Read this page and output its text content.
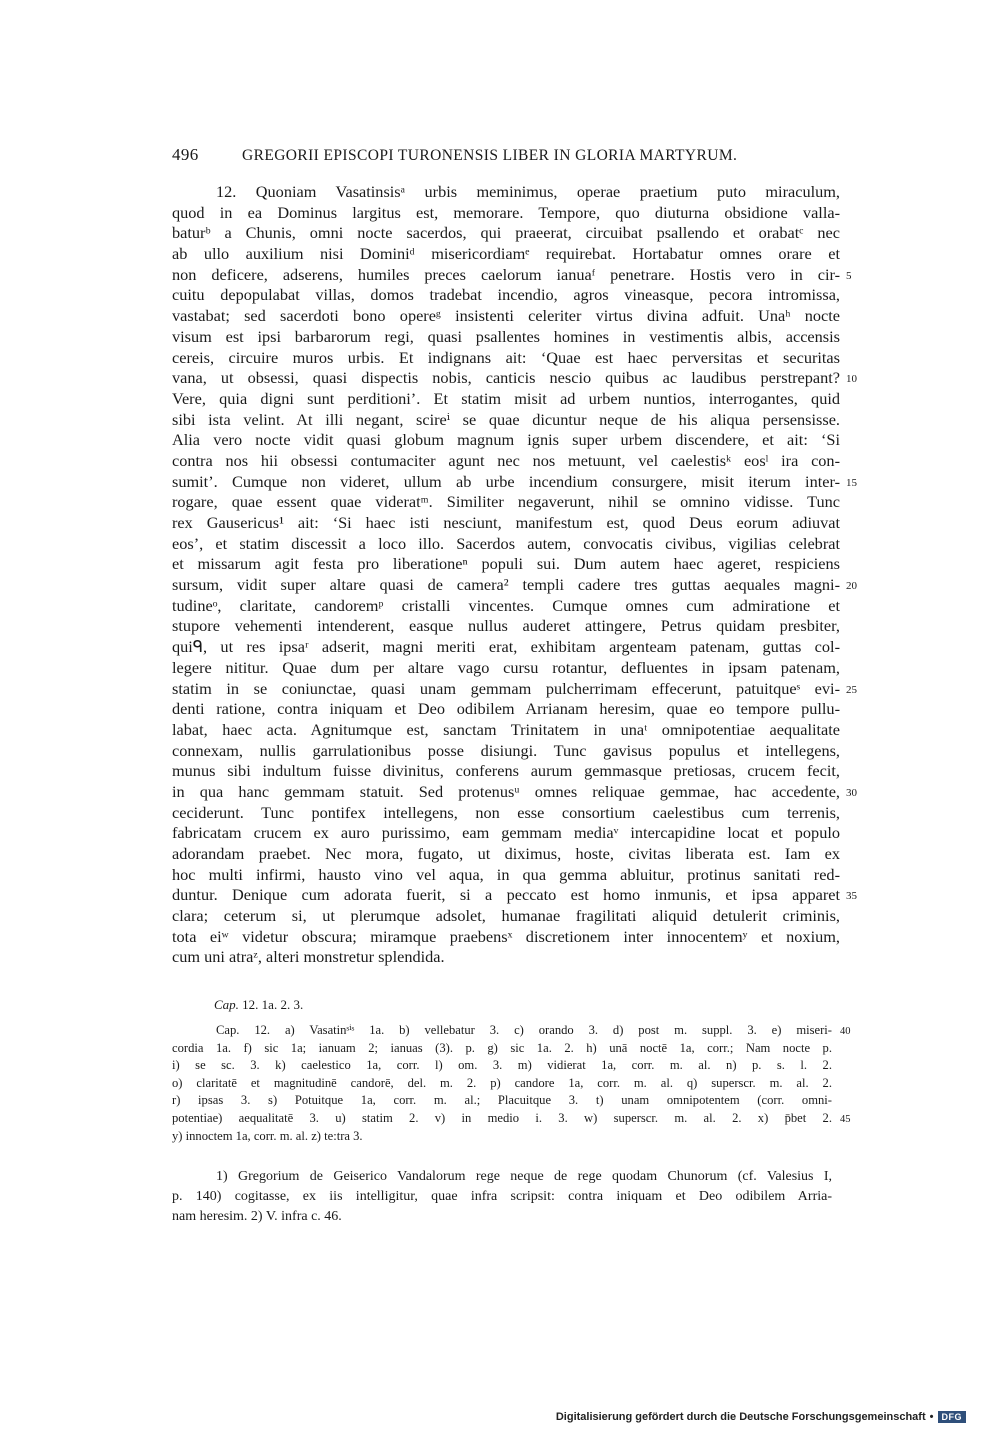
496	GREGORII EPISCOPI TURONENSIS LIBER IN GLORIA MARTYRUM.
12. Quoniam Vasatinsisᵃ urbis meminimus, operae praetium puto miraculum,
quod in ea Dominus largitus est, memorare. Tempore, quo diuturna obsidione valla-
baturᵇ a Chunis, omni nocte sacerdos, qui praeerat, circuibat psallendo et orabatᶜ nec
ab ullo auxilium nisi Dominiᵈ misericordiamᵉ requirebat. Hortabatur omnes orare et
non deficere, adserens, humiles preces caelorum ianuaᶠ penetrare. Hostis vero in cir- 5
cuitu depopulabat villas, domos tradebat incendio, agros vineasque, pecora intromissa,
vastabat; sed sacerdoti bono opereᵍ insistenti celeriter virtus divina adfuit. Unaʰ nocte
visum est ipsi barbarorum regi, quasi psallentes homines in vestimentis albis, accensis
cereis, circuire muros urbis. Et indignans ait: ‘Quae est haec perversitas et securitas
vana, ut obsessi, quasi dispectis nobis, canticis nescio quibus ac laudibus perstrepant? 10
Vere, quia digni sunt perditioni’. Et statim misit ad urbem nuntios, interrogantes, quid
sibi ista velint. At illi negant, scireⁱ se quae dicuntur neque de his aliqua persensisse.
Alia vero nocte vidit quasi globum magnum ignis super urbem discendere, et ait: ‘Si
contra nos hii obsessi contumaciter agunt nec nos metuunt, vel caelestisᵏ eosˡ ira con-
sumit’. Cumque non videret, ullum ab urbe incendium consurgere, misit iterum inter- 15
rogare, quae essent quae videratᵐ. Similiter negaverunt, nihil se omnino vidisse. Tunc
rex Gausericus¹ ait: ‘Si haec isti nesciunt, manifestum est, quod Deus eorum adiuvat
eos’, et statim discessit a loco illo. Sacerdos autem, convocatis civibus, vigilias celebrat
et missarum agit festa pro liberationeⁿ populi sui. Dum autem haec ageret, respiciens
sursum, vidit super altare quasi de camera² templi cadere tres guttas aequales magni- 20
tudineᵒ, claritate, candoremᵖ cristalli vincentes. Cumque omnes cum admiratione et
stupore vehementi intenderent, easque nullus auderet attingere, Petrus quidam presbiter,
quiᑫ, ut res ipsaʳ adserit, magni meriti erat, exhibitam argenteam patenam, guttas col-
legere nititur. Quae dum per altare vago cursu rotantur, defluentes in ipsam patenam,
statim in se coniunctae, quasi unam gemmam pulcherrimam effecerunt, patuitqueˢ evi- 25
denti ratione, contra iniquam et Deo odibilem Arrianam heresim, quae eo tempore pullu-
labat, haec acta. Agnitumque est, sanctam Trinitatem in unaᵗ omnipotentiae aequalitate
connexam, nullis garrulationibus posse disiungi. Tunc gavisus populus et intellegens,
munus sibi indultum fuisse divinitus, conferens aurum gemmasque pretiosas, crucem fecit,
in qua hanc gemmam statuit. Sed protenusᵘ omnes reliquae gemmae, hac accedente, 30
ceciderunt. Tunc pontifex intellegens, non esse consortium caelestibus cum terrenis,
fabricatam crucem ex auro purissimo, eam gemmam mediaᵛ intercapidine locat et populo
adorandam praebet. Nec mora, fugato, ut diximus, hoste, civitas liberata est. Iam ex
hoc multi infirmi, hausto vino vel aqua, in qua gemma abluitur, protinus sanitati red-
duntur. Denique cum adorata fuerit, si a peccato est homo inmunis, et ipsa apparet 35
clara; ceterum si, ut plerumque adsolet, humanae fragilitati aliquid detulerit criminis,
tota eiʷ videtur obscura; miramque praebensˣ discretionem inter innocentemʸ et noxium,
cum uni atraᶻ, alteri monstretur splendida.
Cap. 12. 1a. 2. 3.
Cap. 12. a) Vasatinˢⁱˢ 1a. b) vellebatur 3. c) orando 3. d) post m. suppl. 3. e) miseri- 40
cordia 1a. f) sic 1a; ianuam 2; ianuas (3). p. g) sic 1a. 2. h) unā noctē 1a, corr.; Nam nocte p.
i) se sc. 3. k) caelestico 1a, corr. l) om. 3. m) vidierat 1a, corr. m. al. n) p. s. l. 2.
o) claritatē et magnitudinē candorē, del. m. 2. p) candore 1a, corr. m. al. q) superscr. m. al. 2.
r) ipsas 3. s) Potuitque 1a, corr. m. al.; Placuitque 3. t) unam omnipotentem (corr. omni-
potentiae) aequalitatē 3. u) statim 2. v) in medio i. 3. w) superscr. m. al. 2. x) p̄bet 2. 45
y) innoctem 1a, corr. m. al. z) te:tra 3.
1) Gregorium de Geiserico Vandalorum rege neque de rege quodam Chunorum (cf. Valesius I,
p. 140) cogitasse, ex iis intelligitur, quae infra scripsit: contra iniquam et Deo odibilem Arria-
nam heresim. 2) V. infra c. 46.
Digitalisierung gefördert durch die Deutsche Forschungsgemeinschaft • DFG
